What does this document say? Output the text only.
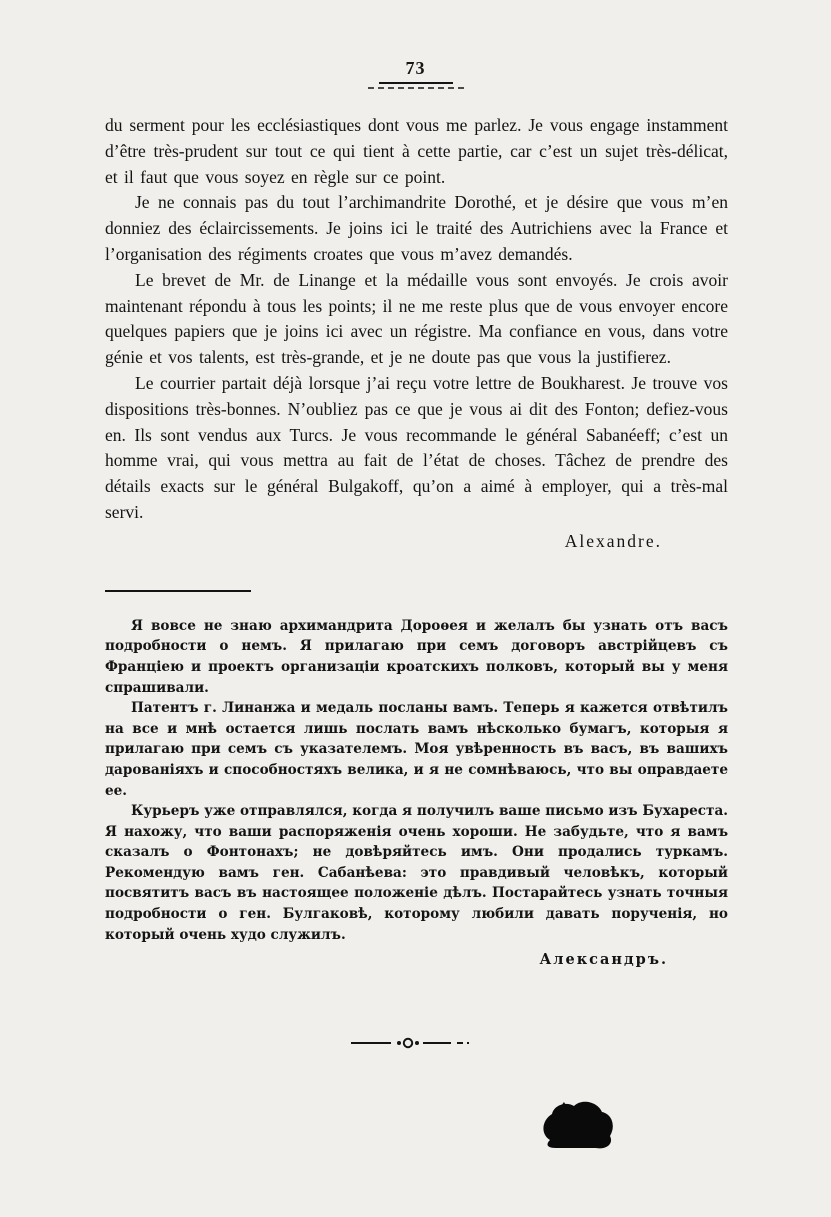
73

du serment pour les ecclésiastiques dont vous me parlez. Je vous engage instamment d’être très-prudent sur tout ce qui tient à cette partie, car c’est un sujet très-délicat, et il faut que vous soyez en règle sur ce point.

Je ne connais pas du tout l’archimandrite Dorothé, et je désire que vous m’en donniez des éclaircissements. Je joins ici le traité des Autrichiens avec la France et l’organisation des régiments croates que vous m’avez demandés.

Le brevet de Mr. de Linange et la médaille vous sont envoyés. Je crois avoir maintenant répondu à tous les points; il ne me reste plus que de vous envoyer encore quelques papiers que je joins ici avec un régistre. Ma confiance en vous, dans votre génie et vos talents, est très-grande, et je ne doute pas que vous la justifierez.

Le courrier partait déjà lorsque j’ai reçu votre lettre de Boukharest. Je trouve vos dispositions très-bonnes. N’oubliez pas ce que je vous ai dit des Fonton; defiez-vous en. Ils sont vendus aux Turcs. Je vous recommande le général Sabanéeff; c’est un homme vrai, qui vous mettra au fait de l’état de choses. Tâchez de prendre des détails exacts sur le général Bulgakoff, qu’on a aimé à employer, qui a très-mal servi.

Alexandre.

Я вовсе не знаю архимандрита Дороѳея и желалъ бы узнать отъ васъ подробности о немъ. Я прилагаю при семъ договоръ австрійцевъ съ Франціею и проектъ организаціи кроатскихъ полковъ, который вы у меня спрашивали.

Патентъ г. Линанжа и медаль посланы вамъ. Теперь я кажется отвѣтилъ на все и мнѣ остается лишь послать вамъ нѣсколько бумагъ, которыя я прилагаю при семъ съ указателемъ. Моя увѣренность въ васъ, въ вашихъ дарованіяхъ и способностяхъ велика, и я не сомнѣваюсь, что вы оправдаете ее.

Курьеръ уже отправлялся, когда я получилъ ваше письмо изъ Бухареста. Я нахожу, что ваши распоряженія очень хороши. Не забудьте, что я вамъ сказалъ о Фонтонахъ; не довѣряйтесь имъ. Они продались туркамъ. Рекомендую вамъ ген. Сабанѣева: это правдивый человѣкъ, который посвятитъ васъ въ настоящее положеніе дѣлъ. Постарайтесь узнать точныя подробности о ген. Булгаковѣ, которому любили давать порученія, но который очень худо служилъ.

Александръ.
